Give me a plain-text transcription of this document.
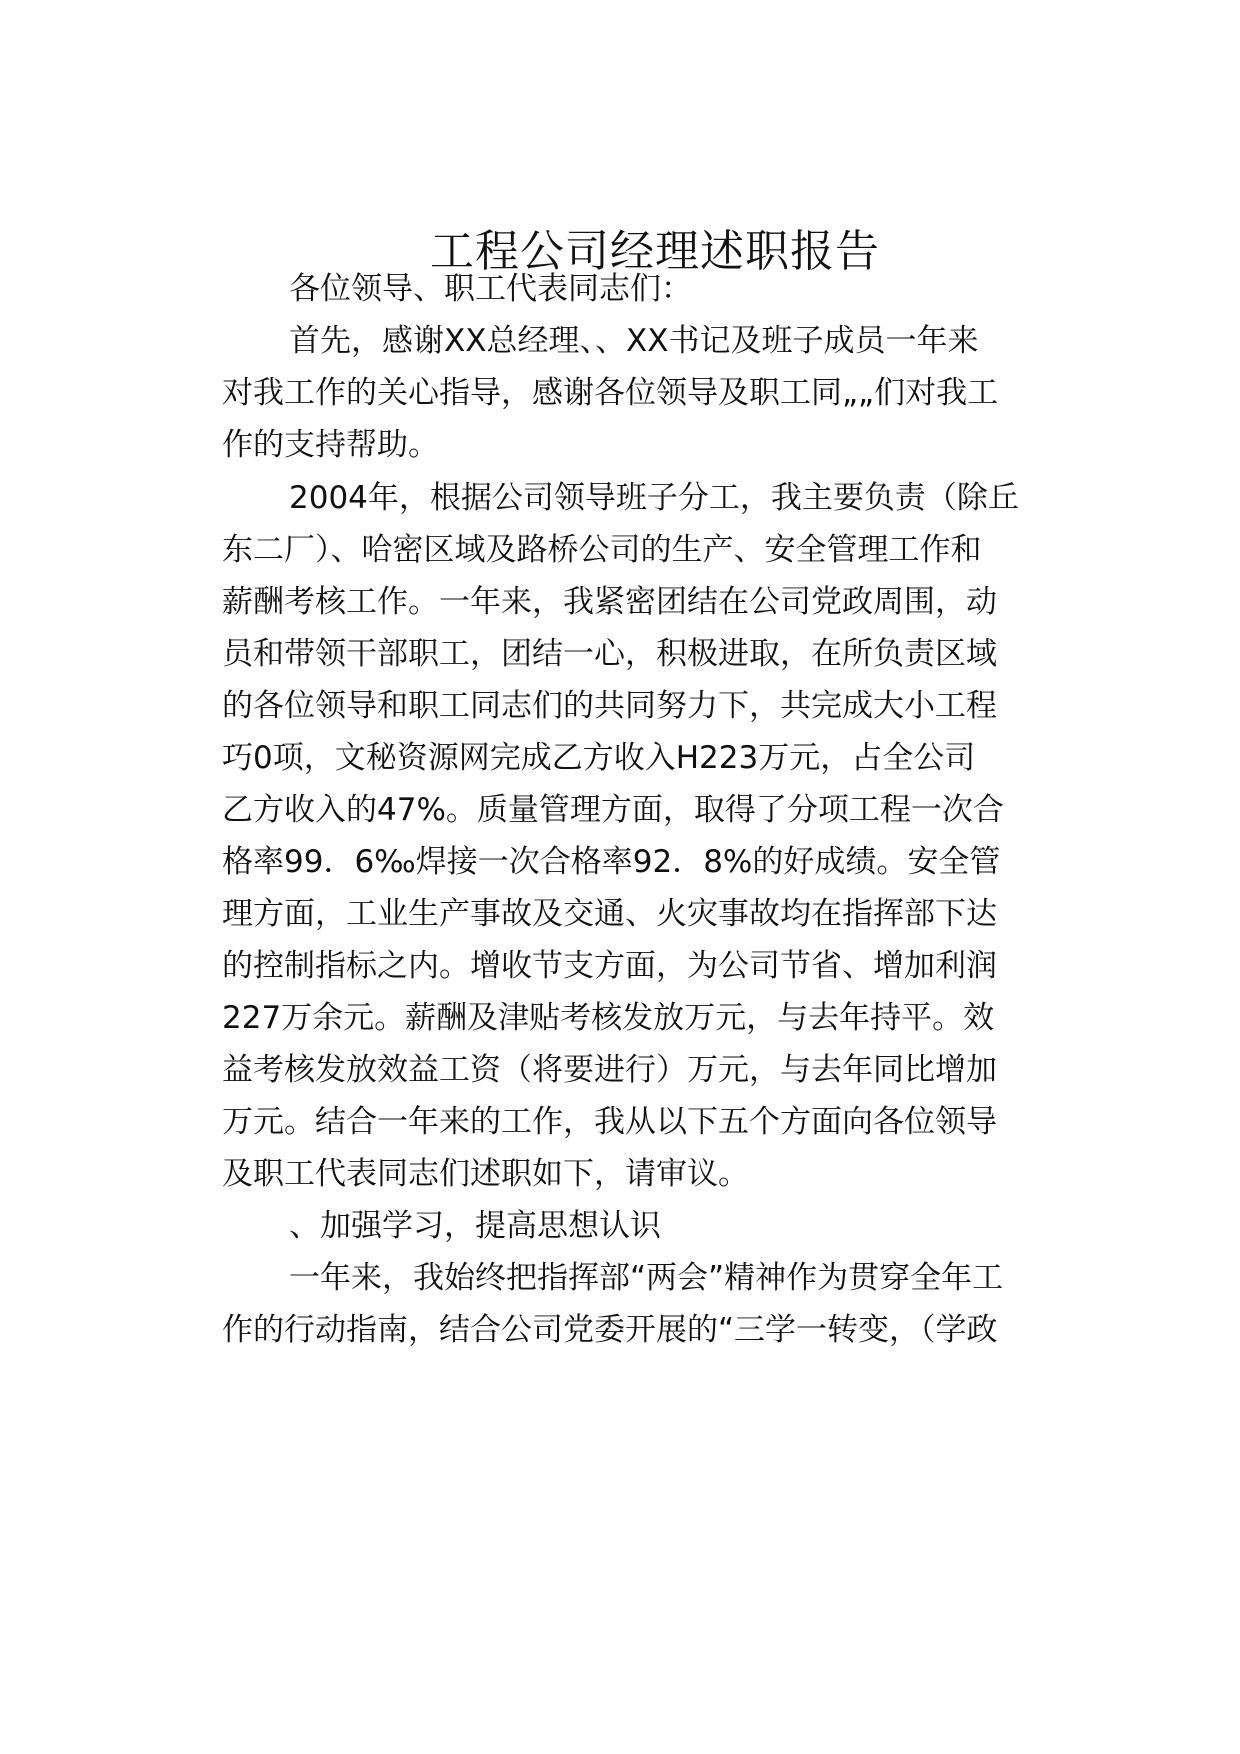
工程公司经理述职报告
各位领导、职工代表同志们：
首先，感谢XX总经理、、XX书记及班子成员一年来
对我工作的关心指导，感谢各位领导及职工同„„们对我工
作的支持帮助。
2004年，根据公司领导班子分工，我主要负责（除丘
东二厂）、哈密区域及路桥公司的生产、安全管理工作和
薪酬考核工作。一年来，我紧密团结在公司党政周围，动
员和带领干部职工，团结一心，积极进取，在所负责区域
的各位领导和职工同志们的共同努力下，共完成大小工程
巧0项，文秘资源网完成乙方收入H223万元，占全公司
乙方收入的47%。质量管理方面，取得了分项工程一次合
格率99．6‰焊接一次合格率92．8%的好成绩。安全管
理方面，工业生产事故及交通、火灾事故均在指挥部下达
的控制指标之内。增收节支方面，为公司节省、增加利润
227万余元。薪酬及津贴考核发放万元，与去年持平。效
益考核发放效益工资（将要进行）万元，与去年同比增加
万元。结合一年来的工作，我从以下五个方面向各位领导
及职工代表同志们述职如下，请审议。
、加强学习，提高思想认识
一年来，我始终把指挥部“两会”精神作为贯穿全年工
作的行动指南，结合公司党委开展的“三学一转变，（学政
